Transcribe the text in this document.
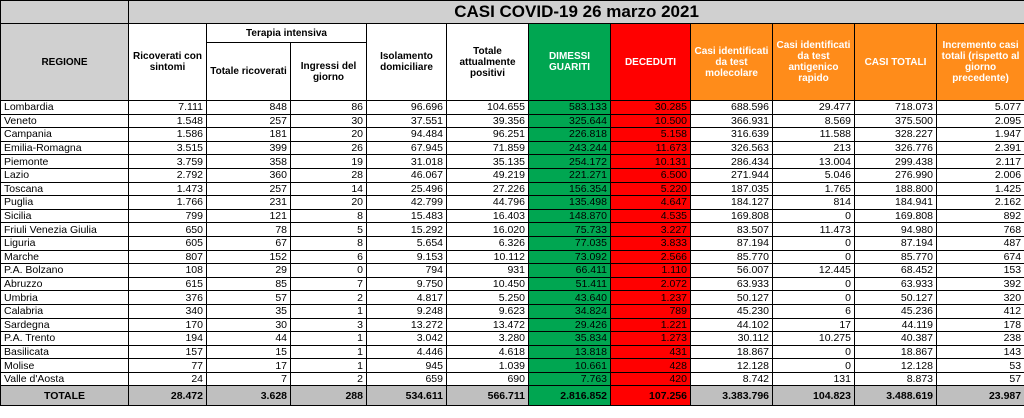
	CASI COVID-19 26 marzo 2021										
REGIONE	Ricoverati con sintomi	Terapia intensiva		Isolamento domiciliare	Totale attualmente positivi	DIMESSI GUARITI	DECEDUTI	Casi identificati da test molecolare	Casi identificati da test antigenico rapido	CASI TOTALI	Incremento casi totali (rispetto al giorno precedente)
		Totale ricoverati	Ingressi del giorno								
Lombardia	7.111	848	86	96.696	104.655	583.133	30.285	688.596	29.477	718.073	5.077
Veneto	1.548	257	30	37.551	39.356	325.644	10.500	366.931	8.569	375.500	2.095
Campania	1.586	181	20	94.484	96.251	226.818	5.158	316.639	11.588	328.227	1.947
Emilia-Romagna	3.515	399	26	67.945	71.859	243.244	11.673	326.563	213	326.776	2.391
Piemonte	3.759	358	19	31.018	35.135	254.172	10.131	286.434	13.004	299.438	2.117
Lazio	2.792	360	28	46.067	49.219	221.271	6.500	271.944	5.046	276.990	2.006
Toscana	1.473	257	14	25.496	27.226	156.354	5.220	187.035	1.765	188.800	1.425
Puglia	1.766	231	20	42.799	44.796	135.498	4.647	184.127	814	184.941	2.162
Sicilia	799	121	8	15.483	16.403	148.870	4.535	169.808	0	169.808	892
Friuli Venezia Giulia	650	78	5	15.292	16.020	75.733	3.227	83.507	11.473	94.980	768
Liguria	605	67	8	5.654	6.326	77.035	3.833	87.194	0	87.194	487
Marche	807	152	6	9.153	10.112	73.092	2.566	85.770	0	85.770	674
P.A. Bolzano	108	29	0	794	931	66.411	1.110	56.007	12.445	68.452	153
Abruzzo	615	85	7	9.750	10.450	51.411	2.072	63.933	0	63.933	392
Umbria	376	57	2	4.817	5.250	43.640	1.237	50.127	0	50.127	320
Calabria	340	35	1	9.248	9.623	34.824	789	45.230	6	45.236	412
Sardegna	170	30	3	13.272	13.472	29.426	1.221	44.102	17	44.119	178
P.A. Trento	194	44	1	3.042	3.280	35.834	1.273	30.112	10.275	40.387	238
Basilicata	157	15	1	4.446	4.618	13.818	431	18.867	0	18.867	143
Molise	77	17	1	945	1.039	10.661	428	12.128	0	12.128	53
Valle d'Aosta	24	7	2	659	690	7.763	420	8.742	131	8.873	57
TOTALE	28.472	3.628	288	534.611	566.711	2.816.852	107.256	3.383.796	104.823	3.488.619	23.987
